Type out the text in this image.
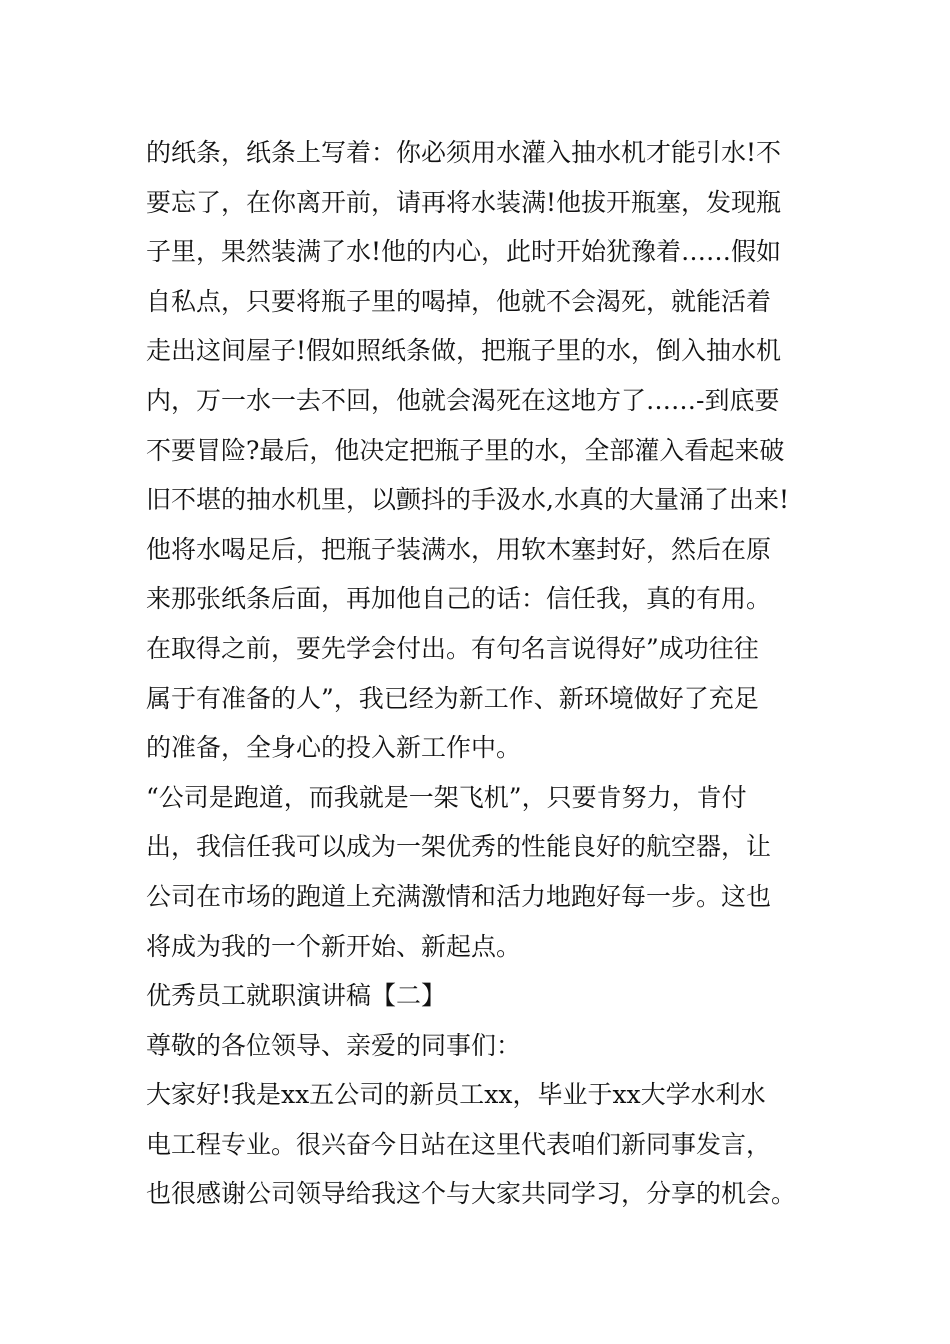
的纸条，纸条上写着：你必须用水灌入抽水机才能引水!不
要忘了，在你离开前，请再将水装满!他拔开瓶塞，发现瓶
子里，果然装满了水!他的内心，此时开始犹豫着……假如
自私点，只要将瓶子里的喝掉，他就不会渴死，就能活着
走出这间屋子!假如照纸条做，把瓶子里的水，倒入抽水机
内，万一水一去不回，他就会渴死在这地方了……-到底要
不要冒险?最后，他决定把瓶子里的水，全部灌入看起来破
旧不堪的抽水机里，以颤抖的手汲水,水真的大量涌了出来!
他将水喝足后，把瓶子装满水，用软木塞封好，然后在原
来那张纸条后面，再加他自己的话：信任我，真的有用。
在取得之前，要先学会付出。有句名言说得好”成功往往
属于有准备的人”，我已经为新工作、新环境做好了充足
的准备，全身心的投入新工作中。
“公司是跑道，而我就是一架飞机”，只要肯努力，肯付
出，我信任我可以成为一架优秀的性能良好的航空器，让
公司在市场的跑道上充满激情和活力地跑好每一步。这也
将成为我的一个新开始、新起点。
优秀员工就职演讲稿【二】
尊敬的各位领导、亲爱的同事们：
大家好!我是xx五公司的新员工xx，毕业于xx大学水利水
电工程专业。很兴奋今日站在这里代表咱们新同事发言，
也很感谢公司领导给我这个与大家共同学习，分享的机会。
